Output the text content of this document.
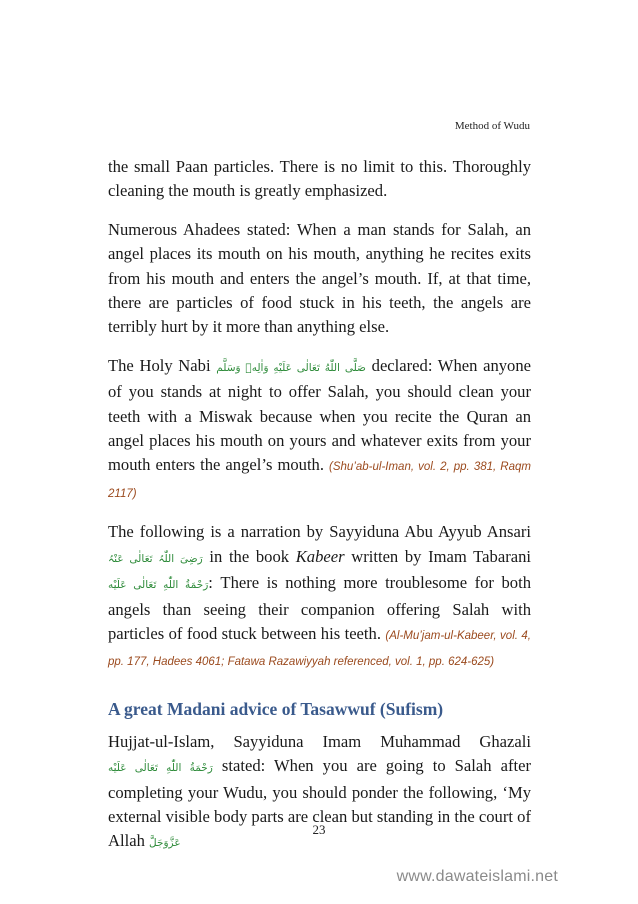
Method of Wudu

the small Paan particles. There is no limit to this. Thoroughly cleaning the mouth is greatly emphasized.

Numerous Ahadees stated: When a man stands for Salah, an angel places its mouth on his mouth, anything he recites exits from his mouth and enters the angel’s mouth. If, at that time, there are particles of food stuck in his teeth, the angels are terribly hurt by it more than anything else.

The Holy Nabi صَلَّى اللّٰهُ تَعَالٰى عَلَيْهِ وَاٰلِهٖ وَسَلَّم declared: When anyone of you stands at night to offer Salah, you should clean your teeth with a Miswak because when you recite the Quran an angel places his mouth on yours and whatever exits from your mouth enters the angel’s mouth. (Shu’ab-ul-Iman, vol. 2, pp. 381, Raqm 2117)

The following is a narration by Sayyiduna Abu Ayyub Ansari رَضِیَ اللّٰہُ تَعَالٰی عَنْہُ in the book Kabeer written by Imam Tabarani رَحْمَةُ اللّٰهِ تَعَالٰى عَلَيْه: There is nothing more troublesome for both angels than seeing their companion offering Salah with particles of food stuck between his teeth. (Al-Mu’jam-ul-Kabeer, vol. 4, pp. 177, Hadees 4061; Fatawa Razawiyyah referenced, vol. 1, pp. 624-625)

A great Madani advice of Tasawwuf (Sufism)

Hujjat-ul-Islam, Sayyiduna Imam Muhammad Ghazali رَحْمَةُ اللّٰهِ تَعَالٰى عَلَيْه stated: When you are going to Salah after completing your Wudu, you should ponder the following, ‘My external visible body parts are clean but standing in the court of Allah عَزَّوَجَلَّ

23
www.dawateislami.net
